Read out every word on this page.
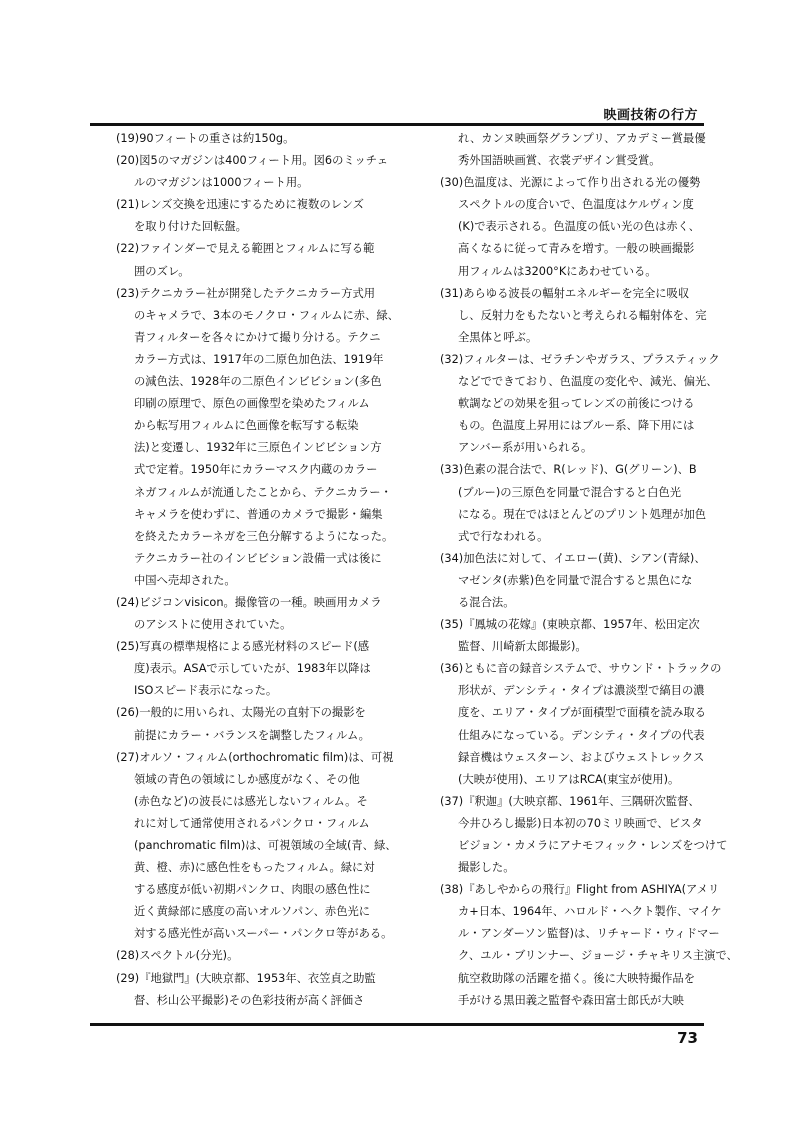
映画技術の行方

(19)90フィートの重さは約150g。

(20)図5のマガジンは400フィート用。図6のミッチェ
ルのマガジンは1000フィート用。

(21)レンズ交換を迅速にするために複数のレンズ
を取り付けた回転盤。

(22)ファインダーで見える範囲とフィルムに写る範
囲のズレ。

(23)テクニカラー社が開発したテクニカラー方式用
のキャメラで、3本のモノクロ・フィルムに赤、緑、
青フィルターを各々にかけて撮り分ける。テクニ
カラー方式は、1917年の二原色加色法、1919年
の減色法、1928年の二原色インビビション(多色
印刷の原理で、原色の画像型を染めたフィルム
から転写用フィルムに色画像を転写する転染
法)と変遷し、1932年に三原色インビビション方
式で定着。1950年にカラーマスク内蔵のカラー
ネガフィルムが流通したことから、テクニカラー・
キャメラを使わずに、普通のカメラで撮影・編集
を終えたカラーネガを三色分解するようになった。
テクニカラー社のインビビション設備一式は後に
中国へ売却された。

(24)ビジコンvisicon。撮像管の一種。映画用カメラ
のアシストに使用されていた。

(25)写真の標準規格による感光材料のスピード(感
度)表示。ASAで示していたが、1983年以降は
ISOスピード表示になった。

(26)一般的に用いられ、太陽光の直射下の撮影を
前提にカラー・バランスを調整したフィルム。

(27)オルソ・フィルム(orthochromatic film)は、可視
領域の青色の領域にしか感度がなく、その他
(赤色など)の波長には感光しないフィルム。そ
れに対して通常使用されるパンクロ・フィルム
(panchromatic film)は、可視領域の全域(青、緑、
黄、橙、赤)に感色性をもったフィルム。緑に対
する感度が低い初期パンクロ、肉眼の感色性に
近く黄緑部に感度の高いオルソパン、赤色光に
対する感光性が高いスーパー・パンクロ等がある。

(28)スペクトル(分光)。

(29)『地獄門』(大映京都、1953年、衣笠貞之助監
督、杉山公平撮影)その色彩技術が高く評価さ

れ、カンヌ映画祭グランプリ、アカデミー賞最優
秀外国語映画賞、衣裳デザイン賞受賞。

(30)色温度は、光源によって作り出される光の優勢
スペクトルの度合いで、色温度はケルヴィン度
(K)で表示される。色温度の低い光の色は赤く、
高くなるに従って青みを増す。一般の映画撮影
用フィルムは3200°Kにあわせている。

(31)あらゆる波長の輻射エネルギーを完全に吸収
し、反射力をもたないと考えられる輻射体を、完
全黒体と呼ぶ。

(32)フィルターは、ゼラチンやガラス、プラスティック
などでできており、色温度の変化や、減光、偏光、
軟調などの効果を狙ってレンズの前後につける
もの。色温度上昇用にはブルー系、降下用には
アンバー系が用いられる。

(33)色素の混合法で、R(レッド)、G(グリーン)、B
(ブルー)の三原色を同量で混合すると白色光
になる。現在ではほとんどのプリント処理が加色
式で行なわれる。

(34)加色法に対して、イエロー(黄)、シアン(青緑)、
マゼンタ(赤紫)色を同量で混合すると黒色にな
る混合法。

(35)『鳳城の花嫁』(東映京都、1957年、松田定次
監督、川崎新太郎撮影)。

(36)ともに音の録音システムで、サウンド・トラックの
形状が、デンシティ・タイプは濃淡型で縞目の濃
度を、エリア・タイプが面積型で面積を読み取る
仕組みになっている。デンシティ・タイプの代表
録音機はウェスターン、およびウェストレックス
(大映が使用)、エリアはRCA(東宝が使用)。

(37)『釈迦』(大映京都、1961年、三隅研次監督、
今井ひろし撮影)日本初の70ミリ映画で、ビスタ
ビジョン・カメラにアナモフィック・レンズをつけて
撮影した。

(38)『あしやからの飛行』Flight from ASHIYA(アメリ
カ+日本、1964年、ハロルド・ヘクト製作、マイケ
ル・アンダーソン監督)は、リチャード・ウィドマー
ク、ユル・ブリンナー、ジョージ・チャキリス主演で、
航空救助隊の活躍を描く。後に大映特撮作品を
手がける黒田義之監督や森田富士郎氏が大映

73
